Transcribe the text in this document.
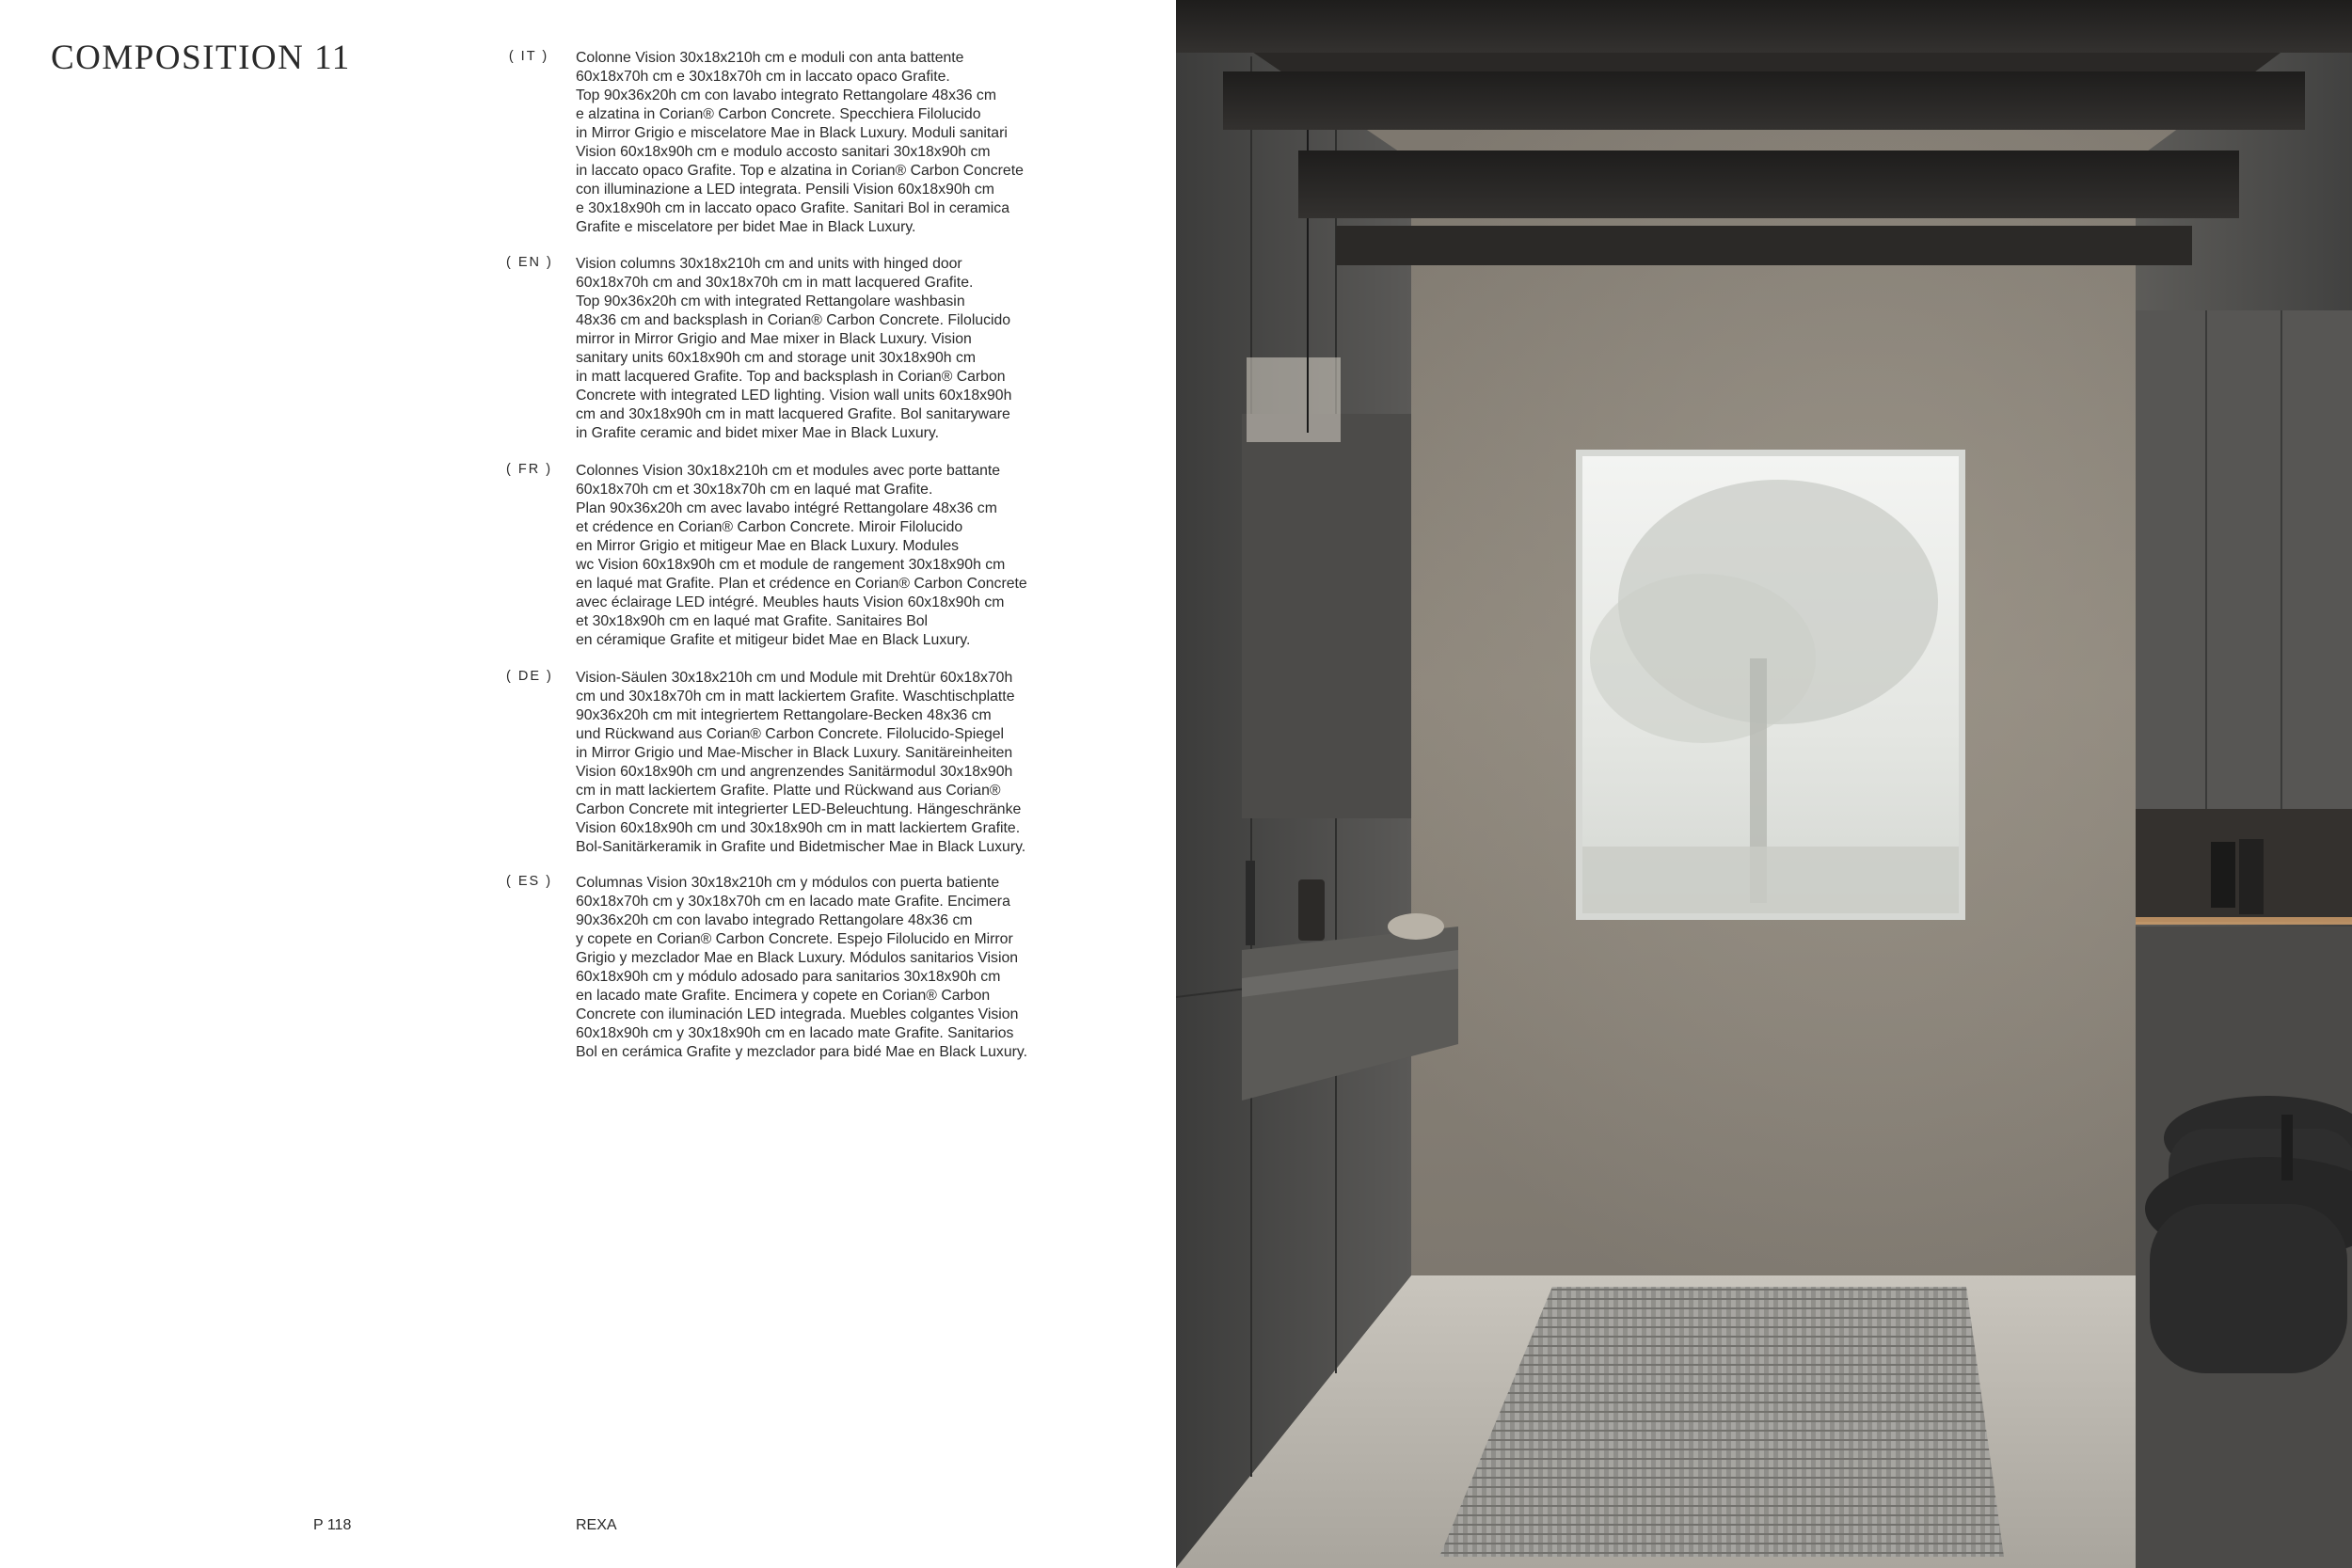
COMPOSITION 11	( IT ) Colonne Vision 30x18x210h cm e moduli con anta battente
60x18x70h cm e 30x18x70h cm in laccato opaco Grafite.
Top 90x36x20h cm con lavabo integrato Rettangolare 48x36 cm
e alzatina in Corian® Carbon Concrete. Specchiera Filolucido
in Mirror Grigio e miscelatore Mae in Black Luxury. Moduli sanitari
Vision 60x18x90h cm e modulo accosto sanitari 30x18x90h cm
in laccato opaco Grafite. Top e alzatina in Corian® Carbon Concrete
con illuminazione a LED integrata. Pensili Vision 60x18x90h cm
e 30x18x90h cm in laccato opaco Grafite. Sanitari Bol in ceramica
Grafite e miscelatore per bidet Mae in Black Luxury.
( EN ) Vision columns 30x18x210h cm and units with hinged door
60x18x70h cm and 30x18x70h cm in matt lacquered Grafite.
Top 90x36x20h cm with integrated Rettangolare washbasin
48x36 cm and backsplash in Corian® Carbon Concrete. Filolucido
mirror in Mirror Grigio and Mae mixer in Black Luxury. Vision
sanitary units 60x18x90h cm and storage unit 30x18x90h cm
in matt lacquered Grafite. Top and backsplash in Corian® Carbon
Concrete with integrated LED lighting. Vision wall units 60x18x90h
cm and 30x18x90h cm in matt lacquered Grafite. Bol sanitaryware
in Grafite ceramic and bidet mixer Mae in Black Luxury.
( FR ) Colonnes Vision 30x18x210h cm et modules avec porte battante
60x18x70h cm et 30x18x70h cm en laqué mat Grafite.
Plan 90x36x20h cm avec lavabo intégré Rettangolare 48x36 cm
et crédence en Corian® Carbon Concrete. Miroir Filolucido
en Mirror Grigio et mitigeur Mae en Black Luxury. Modules
wc Vision 60x18x90h cm et module de rangement 30x18x90h cm
en laqué mat Grafite. Plan et crédence en Corian® Carbon Concrete
avec éclairage LED intégré. Meubles hauts Vision 60x18x90h cm
et 30x18x90h cm en laqué mat Grafite. Sanitaires Bol
en céramique Grafite et mitigeur bidet Mae en Black Luxury.
( DE ) Vision-Säulen 30x18x210h cm und Module mit Drehtür 60x18x70h
cm und 30x18x70h cm in matt lackiertem Grafite. Waschtischplatte
90x36x20h cm mit integriertem Rettangolare-Becken 48x36 cm
und Rückwand aus Corian® Carbon Concrete. Filolucido-Spiegel
in Mirror Grigio und Mae-Mischer in Black Luxury. Sanitäreinheiten
Vision 60x18x90h cm und angrenzendes Sanitärmodul 30x18x90h
cm in matt lackiertem Grafite. Platte und Rückwand aus Corian®
Carbon Concrete mit integrierter LED-Beleuchtung. Hängeschränke
Vision 60x18x90h cm und 30x18x90h cm in matt lackiertem Grafite.
Bol-Sanitärkeramik in Grafite und Bidetmischer Mae in Black Luxury.
( ES ) Columnas Vision 30x18x210h cm y módulos con puerta batiente
60x18x70h cm y 30x18x70h cm en lacado mate Grafite. Encimera
90x36x20h cm con lavabo integrado Rettangolare 48x36 cm
y copete en Corian® Carbon Concrete. Espejo Filolucido en Mirror
Grigio y mezclador Mae en Black Luxury. Módulos sanitarios Vision
60x18x90h cm y módulo adosado para sanitarios 30x18x90h cm
en lacado mate Grafite. Encimera y copete en Corian® Carbon
Concrete con iluminación LED integrada. Muebles colgantes Vision
60x18x90h cm y 30x18x90h cm en lacado mate Grafite. Sanitarios
Bol en cerámica Grafite y mezclador para bidé Mae en Black Luxury.
P 118	REXA
